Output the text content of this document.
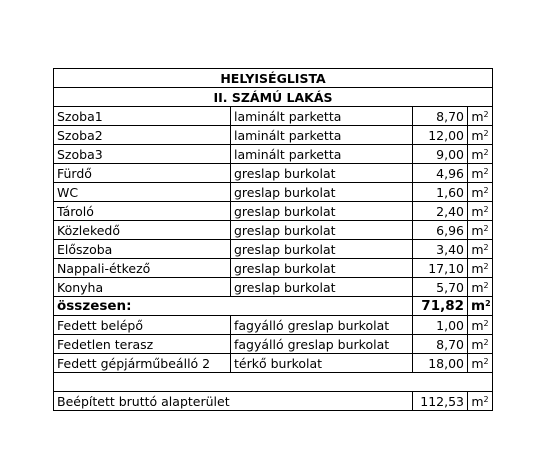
HELYISÉGLISTA			
II. SZÁMÚ LAKÁS			
Szoba1	laminált parketta	8,70	$m^2$
Szoba2	laminált parketta	12,00	$m^2$
Szoba3	laminált parketta	9,00	$m^2$
Fürdő	greslap burkolat	4,96	$m^2$
WC	greslap burkolat	1,60	$m^2$
Tároló	greslap burkolat	2,40	$m^2$
Közlekedő	greslap burkolat	6,96	$m^2$
Előszoba	greslap burkolat	3,40	$m^2$
Nappali-étkező	greslap burkolat	17,10	$m^2$
Konyha	greslap burkolat	5,70	$m^2$
összesen:		71,82	$m^2$
Fedett belépő	fagyálló greslap burkolat	1,00	$m^2$
Fedetlen terasz	fagyálló greslap burkolat	8,70	$m^2$
Fedett gépjárműbeálló 2	térkő burkolat	18,00	$m^2$

Beépített bruttó alapterület		112,53	$m^2$
